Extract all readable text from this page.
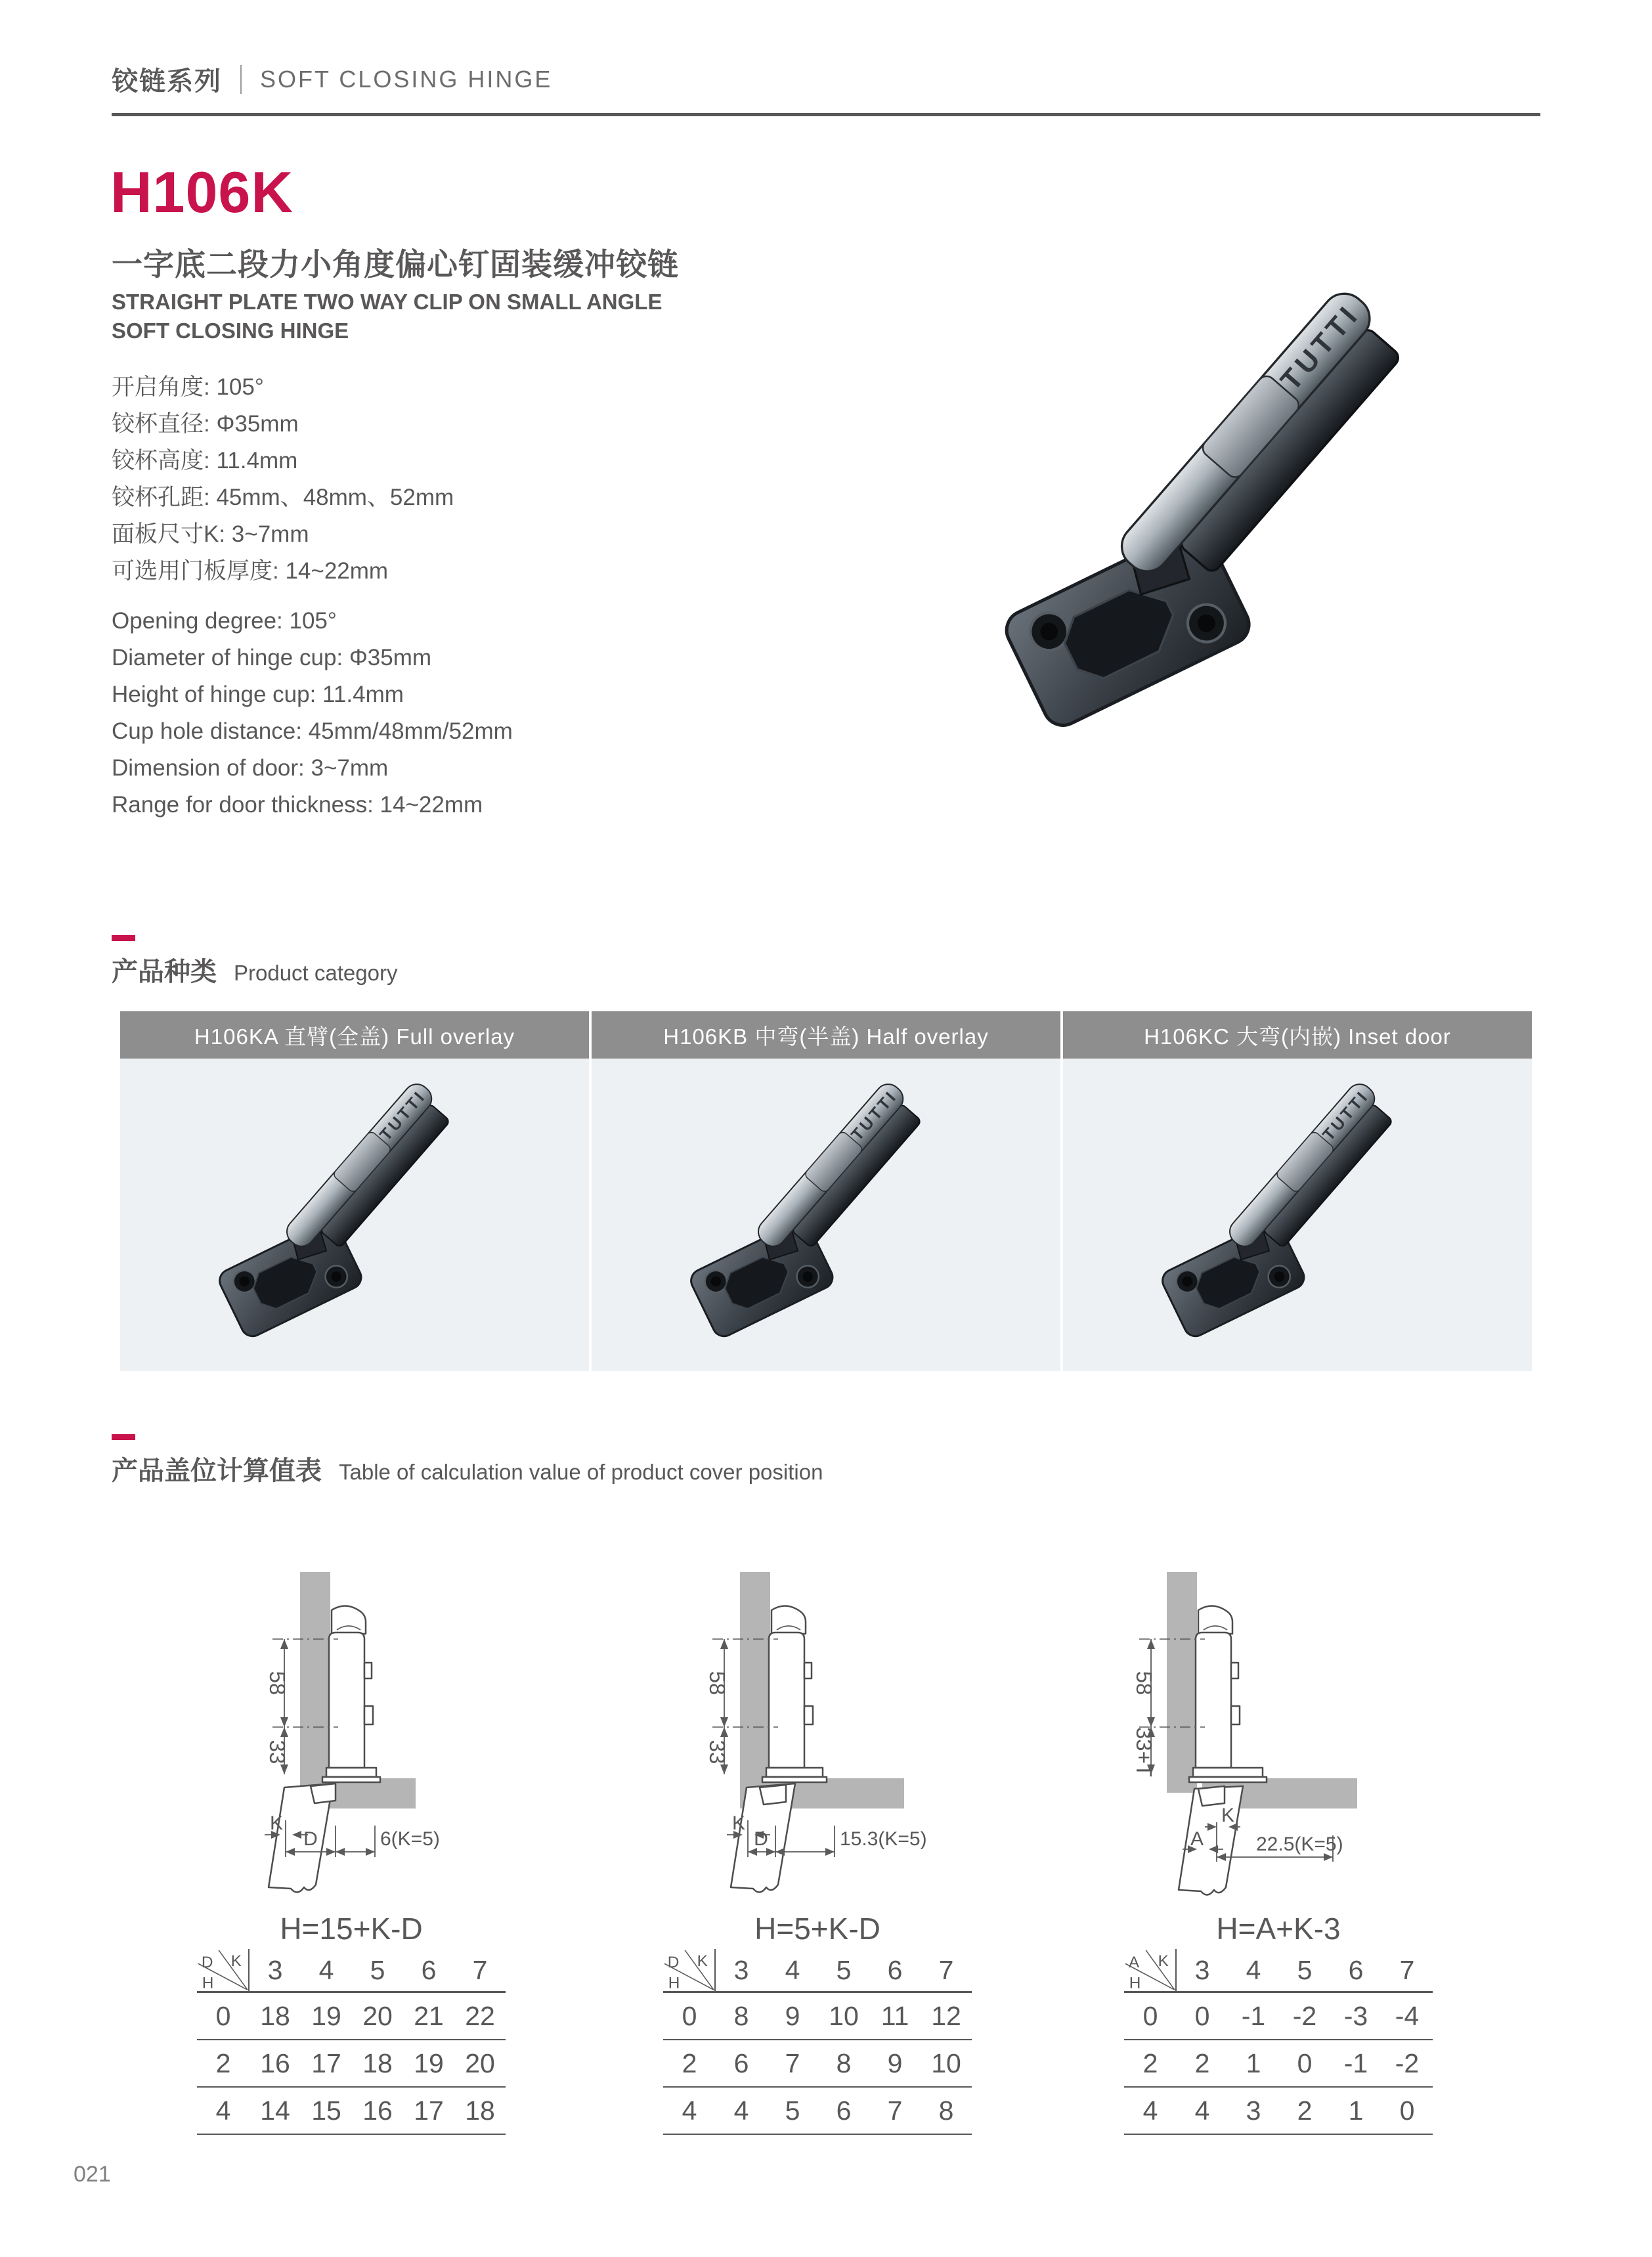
铰链系列 SOFT CLOSING HINGE
H106K
一字底二段力小角度偏心钉固装缓冲铰链
STRAIGHT PLATE TWO WAY CLIP ON SMALL ANGLE
SOFT CLOSING HINGE
开启角度: 105°
铰杯直径: Φ35mm
铰杯高度: 11.4mm
铰杯孔距: 45mm、48mm、52mm
面板尺寸K: 3~7mm
可选用门板厚度: 14~22mm
Opening degree: 105°
Diameter of hinge cup: Φ35mm
Height of hinge cup: 11.4mm
Cup hole distance: 45mm/48mm/52mm
Dimension of door: 3~7mm
Range for door thickness: 14~22mm
产品种类 Product category
H106KA 直臂(全盖) Full overlay	H106KB 中弯(半盖) Half overlay	H106KC 大弯(内嵌) Inset door
产品盖位计算值表 Table of calculation value of product cover position
58
33
K
D	6(K=5)
58
33
K
D	15.3(K=5)
58
33+T
K
A	22.5(K=5)
H=15+K-D
D K
H	3	4	5	6	7
0	18 19 20 21 22
2	16 17 18 19 20
4	14 15 16 17 18
H=5+K-D
D K
H	3	4	5	6	7
0	8	9	10 11 12
2	6	7	8	9	10
4	4	5	6	7	8
H=A+K-3
A K
H	3	4	5	6	7
0	0	-1	-2	-3	-4
2	2	1	0	-1	-2
4	4	3	2	1	0
021
